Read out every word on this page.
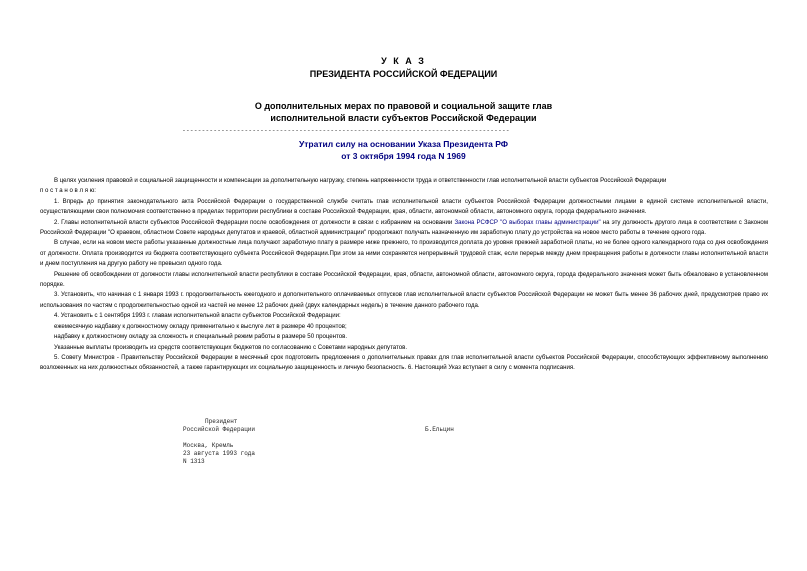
У К А З
ПРЕЗИДЕНТА РОССИЙСКОЙ ФЕДЕРАЦИИ
О дополнительных мерах по правовой и социальной защите глав
исполнительной власти субъектов Российской Федерации
------------------------------------------------------------------------------------
Утратил силу на основании Указа Президента РФ
от 3 октября 1994 года N 1969

В целях усиления правовой и социальной защищенности и компенсации за дополнительную нагрузку, степень напряженности труда и ответственности глав исполнительной власти субъектов Российской Федерации

п о с т а н о в л я ю:

1. Впредь до принятия законодательного акта Российской Федерации о государственной службе считать глав исполнительной власти субъектов Российской Федерации должностными лицами в единой системе исполнительной власти, осуществляющими свои полномочия соответственно в пределах территории республики в составе Российской Федерации, края, области, автономной области, автономного округа, города федерального значения.

2. Главы исполнительной власти субъектов Российской Федерации после освобождения от должности в связи с избранием на основании Закона РСФСР "О выборах главы администрации" на эту должность другого лица в соответствии с Законом Российской Федерации "О краевом, областном Совете народных депутатов и краевой, областной администрации" продолжают получать назначенную им заработную плату до устройства на новое место работы в течение одного года.

В случае, если на новом месте работы указанные должностные лица получают заработную плату в размере ниже прежнего, то производится доплата до уровня прежней заработной платы, но не более одного календарного года со дня освобождения от должности. Оплата производится из бюджета соответствующего субъекта Российской Федерации.При этом за ними сохраняется непрерывный трудовой стаж, если перерыв между днем прекращения работы в должности главы исполнительной власти и днем поступления на другую работу не превысил одного года.

Решение об освобождении от должности главы исполнительной власти республики в составе Российской Федерации, края, области, автономной области, автономного округа, города федерального значения может быть обжаловано в установленном порядке.

3. Установить, что начиная с 1 января 1993 г. продолжительность ежегодного и дополнительного оплачиваемых отпусков глав исполнительной власти субъектов Российской Федерации не может быть менее 36 рабочих дней, предусмотрев право их использования по частям с продолжительностью одной из частей не менее 12 рабочих дней (двух календарных недель) в течение данного рабочего года.

4. Установить с 1 сентября 1993 г. главам исполнительной власти субъектов Российской Федерации:

ежемесячную надбавку к должностному окладу применительно к выслуге лет в размере 40 процентов;

надбавку к должностному окладу за сложность и специальный режим работы в размере 50 процентов.

Указанные выплаты производить из средств соответствующих бюджетов по согласованию с Советами народных депутатов.

5. Совету Министров - Правительству Российской Федерации в месячный срок подготовить предложения о дополнительных правах для глав исполнительной власти субъектов Российской Федерации, способствующих эффективному выполнению возложенных на них должностных обязанностей, а также гарантирующих их социальную защищенность и личную безопасность. 6. Настоящий Указ вступает в силу с момента подписания.

Президент
Российской Федерации	Б.Ельцин
Москва, Кремль
23 августа 1993 года
N 1313
